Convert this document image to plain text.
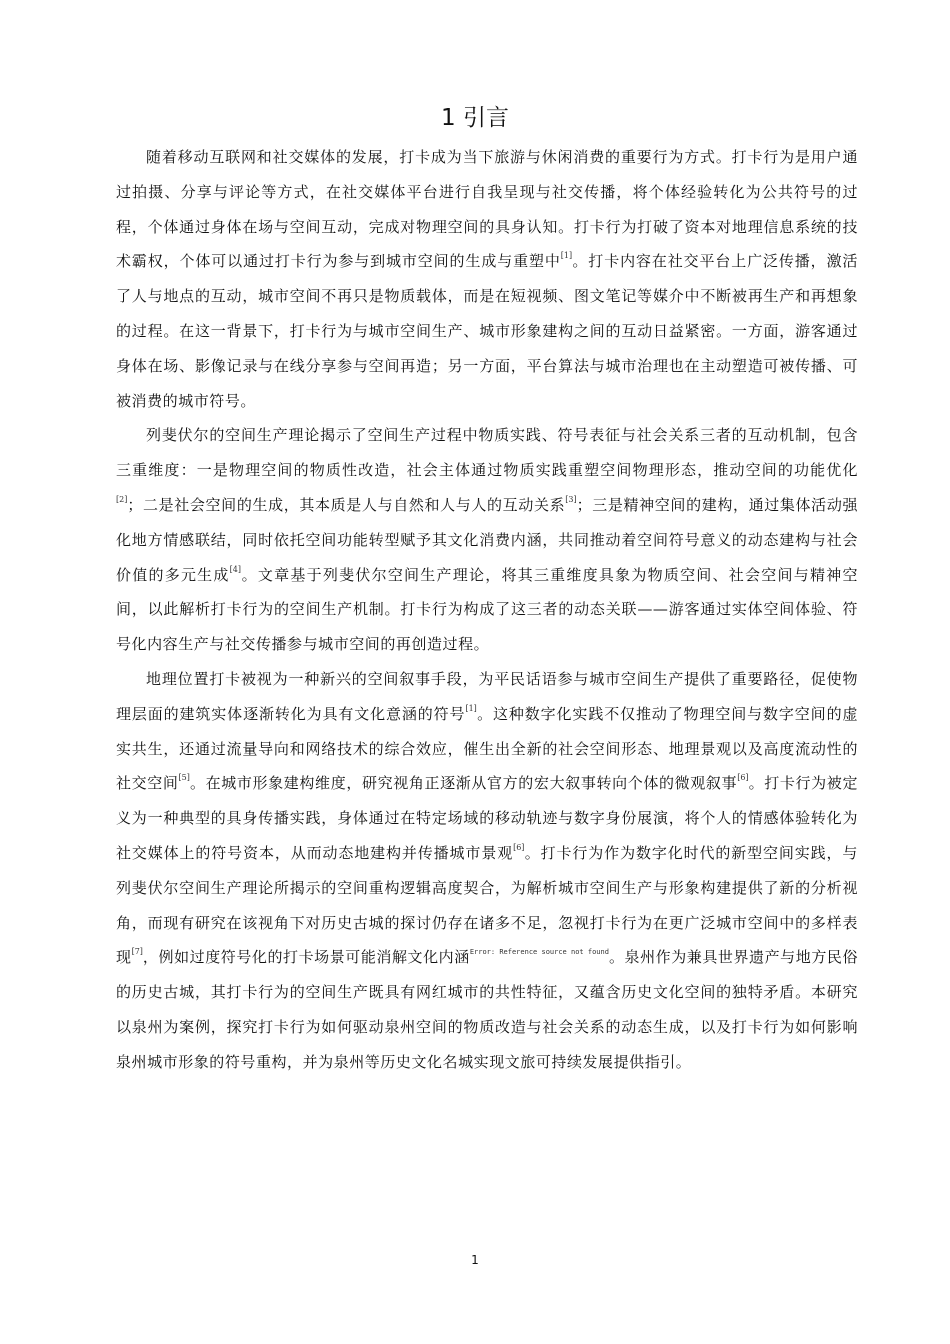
1 引言

随着移动互联网和社交媒体的发展，打卡成为当下旅游与休闲消费的重要行为方式。打卡行为是用户通过拍摄、分享与评论等方式，在社交媒体平台进行自我呈现与社交传播，将个体经验转化为公共符号的过程，个体通过身体在场与空间互动，完成对物理空间的具身认知。打卡行为打破了资本对地理信息系统的技术霸权，个体可以通过打卡行为参与到城市空间的生成与重塑中[1]。打卡内容在社交平台上广泛传播，激活了人与地点的互动，城市空间不再只是物质载体，而是在短视频、图文笔记等媒介中不断被再生产和再想象的过程。在这一背景下，打卡行为与城市空间生产、城市形象建构之间的互动日益紧密。一方面，游客通过身体在场、影像记录与在线分享参与空间再造；另一方面，平台算法与城市治理也在主动塑造可被传播、可被消费的城市符号。

列斐伏尔的空间生产理论揭示了空间生产过程中物质实践、符号表征与社会关系三者的互动机制，包含三重维度：一是物理空间的物质性改造，社会主体通过物质实践重塑空间物理形态，推动空间的功能优化[2]；二是社会空间的生成，其本质是人与自然和人与人的互动关系[3]；三是精神空间的建构，通过集体活动强化地方情感联结，同时依托空间功能转型赋予其文化消费内涵，共同推动着空间符号意义的动态建构与社会价值的多元生成[4]。文章基于列斐伏尔空间生产理论，将其三重维度具象为物质空间、社会空间与精神空间，以此解析打卡行为的空间生产机制。打卡行为构成了这三者的动态关联——游客通过实体空间体验、符号化内容生产与社交传播参与城市空间的再创造过程。

地理位置打卡被视为一种新兴的空间叙事手段，为平民话语参与城市空间生产提供了重要路径，促使物理层面的建筑实体逐渐转化为具有文化意涵的符号[1]。这种数字化实践不仅推动了物理空间与数字空间的虚实共生，还通过流量导向和网络技术的综合效应，催生出全新的社会空间形态、地理景观以及高度流动性的社交空间[5]。在城市形象建构维度，研究视角正逐渐从官方的宏大叙事转向个体的微观叙事[6]。打卡行为被定义为一种典型的具身传播实践，身体通过在特定场域的移动轨迹与数字身份展演，将个人的情感体验转化为社交媒体上的符号资本，从而动态地建构并传播城市景观[6]。打卡行为作为数字化时代的新型空间实践，与列斐伏尔空间生产理论所揭示的空间重构逻辑高度契合，为解析城市空间生产与形象构建提供了新的分析视角，而现有研究在该视角下对历史古城的探讨仍存在诸多不足，忽视打卡行为在更广泛城市空间中的多样表现[7]，例如过度符号化的打卡场景可能消解文化内涵$^{Error: Reference source not found}$。泉州作为兼具世界遗产与地方民俗的历史古城，其打卡行为的空间生产既具有网红城市的共性特征，又蕴含历史文化空间的独特矛盾。本研究以泉州为案例，探究打卡行为如何驱动泉州空间的物质改造与社会关系的动态生成，以及打卡行为如何影响泉州城市形象的符号重构，并为泉州等历史文化名城实现文旅可持续发展提供指引。

1
